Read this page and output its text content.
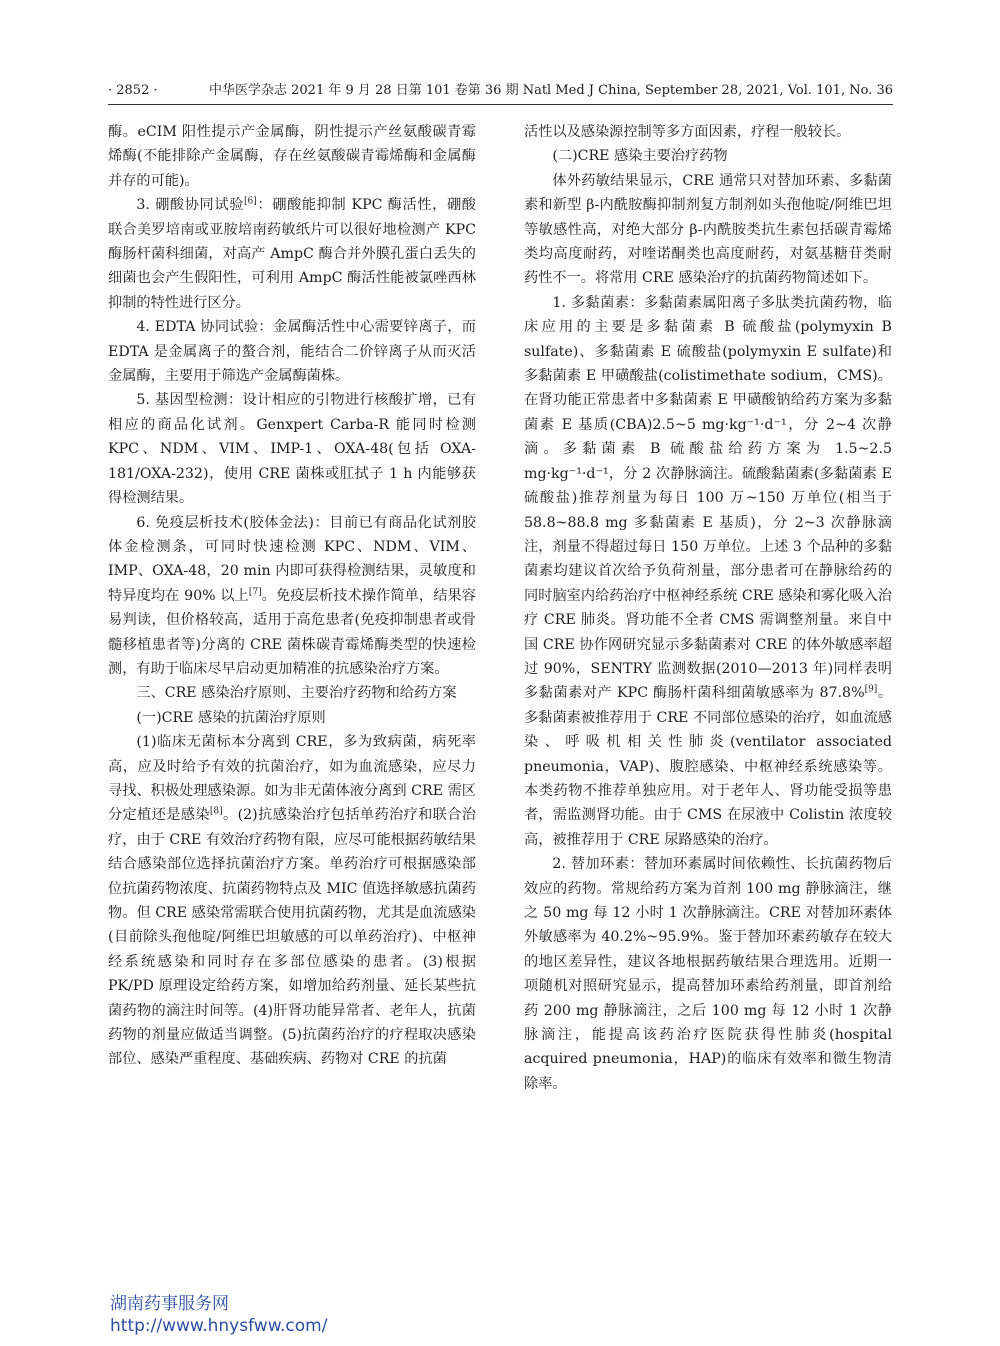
· 2852 ·	中华医学杂志 2021 年 9 月 28 日第 101 卷第 36 期 Natl Med J China, September 28, 2021, Vol. 101, No. 36

酶。eCIM 阳性提示产金属酶，阴性提示产丝氨酸碳青霉烯酶(不能排除产金属酶，存在丝氨酸碳青霉烯酶和金属酶并存的可能)。

3. 硼酸协同试验[6]：硼酸能抑制 KPC 酶活性，硼酸联合美罗培南或亚胺培南药敏纸片可以很好地检测产 KPC 酶肠杆菌科细菌，对高产 AmpC 酶合并外膜孔蛋白丢失的细菌也会产生假阳性，可利用 AmpC 酶活性能被氯唑西林抑制的特性进行区分。

4. EDTA 协同试验：金属酶活性中心需要锌离子，而 EDTA 是金属离子的螯合剂，能结合二价锌离子从而灭活金属酶，主要用于筛选产金属酶菌株。

5. 基因型检测：设计相应的引物进行核酸扩增，已有相应的商品化试剂。Genxpert Carba-R 能同时检测 KPC、NDM、VIM、IMP-1、OXA-48(包括 OXA-181/OXA-232)，使用 CRE 菌株或肛拭子 1 h 内能够获得检测结果。

6. 免疫层析技术(胶体金法)：目前已有商品化试剂胶体金检测条，可同时快速检测 KPC、NDM、VIM、IMP、OXA-48，20 min 内即可获得检测结果，灵敏度和特异度均在 90% 以上[7]。免疫层析技术操作简单，结果容易判读，但价格较高，适用于高危患者(免疫抑制患者或骨髓移植患者等)分离的 CRE 菌株碳青霉烯酶类型的快速检测，有助于临床尽早启动更加精准的抗感染治疗方案。

三、CRE 感染治疗原则、主要治疗药物和给药方案

(一)CRE 感染的抗菌治疗原则

(1)临床无菌标本分离到 CRE，多为致病菌，病死率高，应及时给予有效的抗菌治疗，如为血流感染，应尽力寻找、积极处理感染源。如为非无菌体液分离到 CRE 需区分定植还是感染[8]。(2)抗感染治疗包括单药治疗和联合治疗，由于 CRE 有效治疗药物有限，应尽可能根据药敏结果结合感染部位选择抗菌治疗方案。单药治疗可根据感染部位抗菌药物浓度、抗菌药物特点及 MIC 值选择敏感抗菌药物。但 CRE 感染常需联合使用抗菌药物，尤其是血流感染(目前除头孢他啶/阿维巴坦敏感的可以单药治疗)、中枢神经系统感染和同时存在多部位感染的患者。(3)根据 PK/PD 原理设定给药方案，如增加给药剂量、延长某些抗菌药物的滴注时间等。(4)肝肾功能异常者、老年人，抗菌药物的剂量应做适当调整。(5)抗菌药治疗的疗程取决感染部位、感染严重程度、基础疾病、药物对 CRE 的抗菌

活性以及感染源控制等多方面因素，疗程一般较长。

(二)CRE 感染主要治疗药物

体外药敏结果显示，CRE 通常只对替加环素、多黏菌素和新型 β-内酰胺酶抑制剂复方制剂如头孢他啶/阿维巴坦等敏感性高，对绝大部分 β-内酰胺类抗生素包括碳青霉烯类均高度耐药，对喹诺酮类也高度耐药，对氨基糖苷类耐药性不一。将常用 CRE 感染治疗的抗菌药物简述如下。

1. 多黏菌素：多黏菌素属阳离子多肽类抗菌药物，临床应用的主要是多黏菌素 B 硫酸盐(polymyxin B sulfate)、多黏菌素 E 硫酸盐(polymyxin E sulfate)和多黏菌素 E 甲磺酸盐(colistimethate sodium，CMS)。在肾功能正常患者中多黏菌素 E 甲磺酸钠给药方案为多黏菌素 E 基质(CBA)2.5~5 mg·kg⁻¹·d⁻¹，分 2~4 次静滴。多黏菌素 B 硫酸盐给药方案为 1.5~2.5 mg·kg⁻¹·d⁻¹，分 2 次静脉滴注。硫酸黏菌素(多黏菌素 E 硫酸盐)推荐剂量为每日 100 万~150 万单位(相当于 58.8~88.8 mg 多黏菌素 E 基质)，分 2~3 次静脉滴注，剂量不得超过每日 150 万单位。上述 3 个品种的多黏菌素均建议首次给予负荷剂量，部分患者可在静脉给药的同时脑室内给药治疗中枢神经系统 CRE 感染和雾化吸入治疗 CRE 肺炎。肾功能不全者 CMS 需调整剂量。来自中国 CRE 协作网研究显示多黏菌素对 CRE 的体外敏感率超过 90%，SENTRY 监测数据(2010—2013 年)同样表明多黏菌素对产 KPC 酶肠杆菌科细菌敏感率为 87.8%[9]。多黏菌素被推荐用于 CRE 不同部位感染的治疗，如血流感染、呼吸机相关性肺炎(ventilator associated pneumonia，VAP)、腹腔感染、中枢神经系统感染等。本类药物不推荐单独应用。对于老年人、肾功能受损等患者，需监测肾功能。由于 CMS 在尿液中 Colistin 浓度较高，被推荐用于 CRE 尿路感染的治疗。

2. 替加环素：替加环素属时间依赖性、长抗菌药物后效应的药物。常规给药方案为首剂 100 mg 静脉滴注，继之 50 mg 每 12 小时 1 次静脉滴注。CRE 对替加环素体外敏感率为 40.2%~95.9%。鉴于替加环素药敏存在较大的地区差异性，建议各地根据药敏结果合理选用。近期一项随机对照研究显示，提高替加环素给药剂量，即首剂给药 200 mg 静脉滴注，之后 100 mg 每 12 小时 1 次静脉滴注，能提高该药治疗医院获得性肺炎(hospital acquired pneumonia，HAP)的临床有效率和微生物清除率。

湖南药事服务网
http://www.hnysfww.com/
